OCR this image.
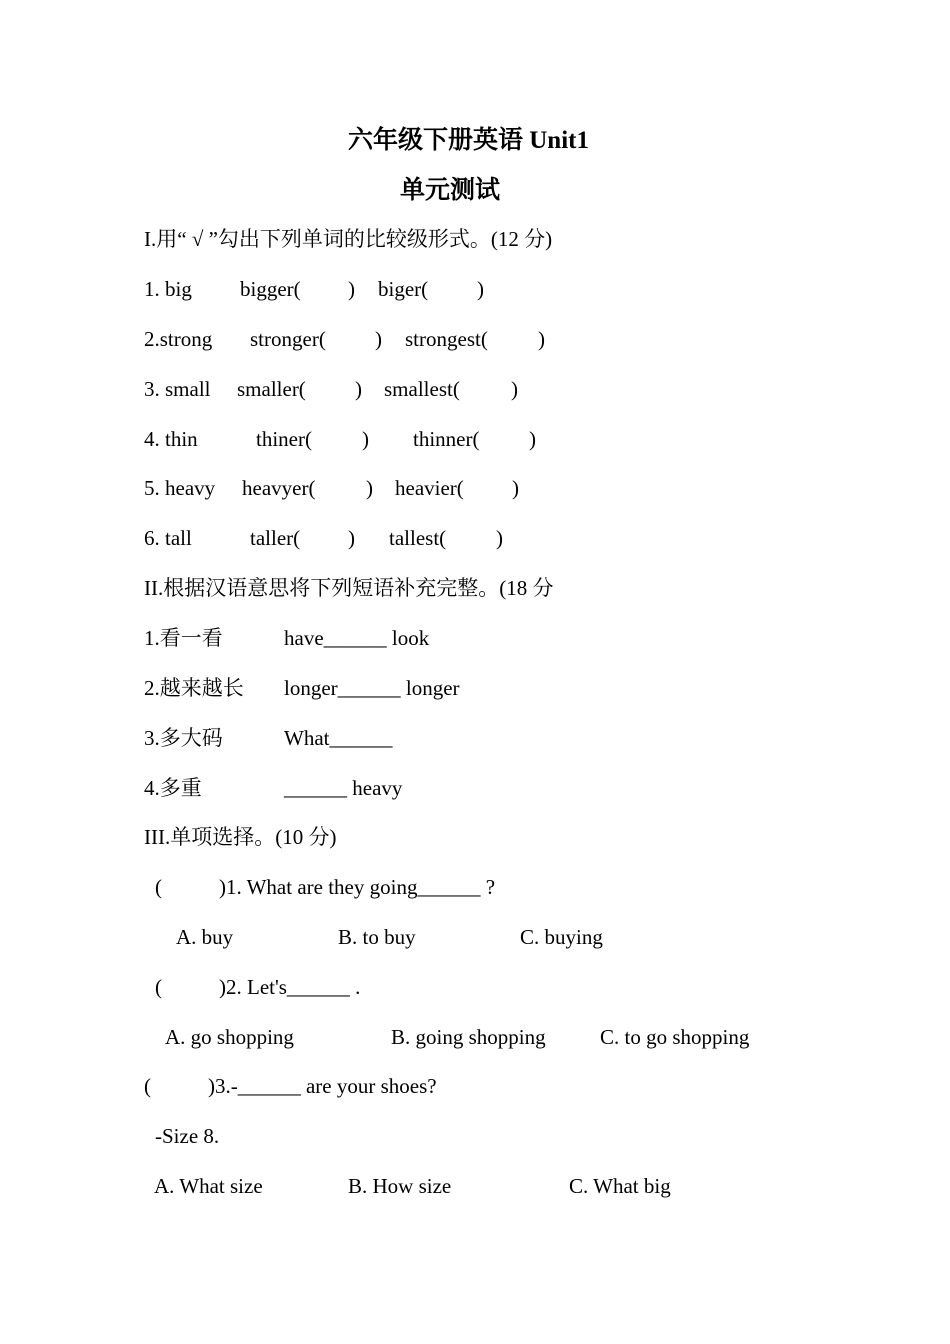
六年级下册英语 Unit1
单元测试
I.用“ √ ”勾出下列单词的比较级形式。(12 分)
1. big bigger( ) biger( )
2.strong stronger( ) strongest( )
3. small smaller( ) smallest( )
4. thin	thiner( ) thinner( )
5. heavy heavyer( ) heavier( )
6. tall	taller( ) tallest( )
II.根据汉语意思将下列短语补充完整。(18 分
1.看一看	have______ look
2.越来越长 longer______ longer
3.多大码	What______
4.多重	______ heavy
III.单项选择。(10 分)
(	)1. What are they going______ ?
A. buy	B. to buy	C. buying
(	)2. Let's______ .
A. go shopping	B. going shopping	C. to go shopping
(	)3.-______ are your shoes?
-Size 8.
A. What size	B. How size	C. What big
